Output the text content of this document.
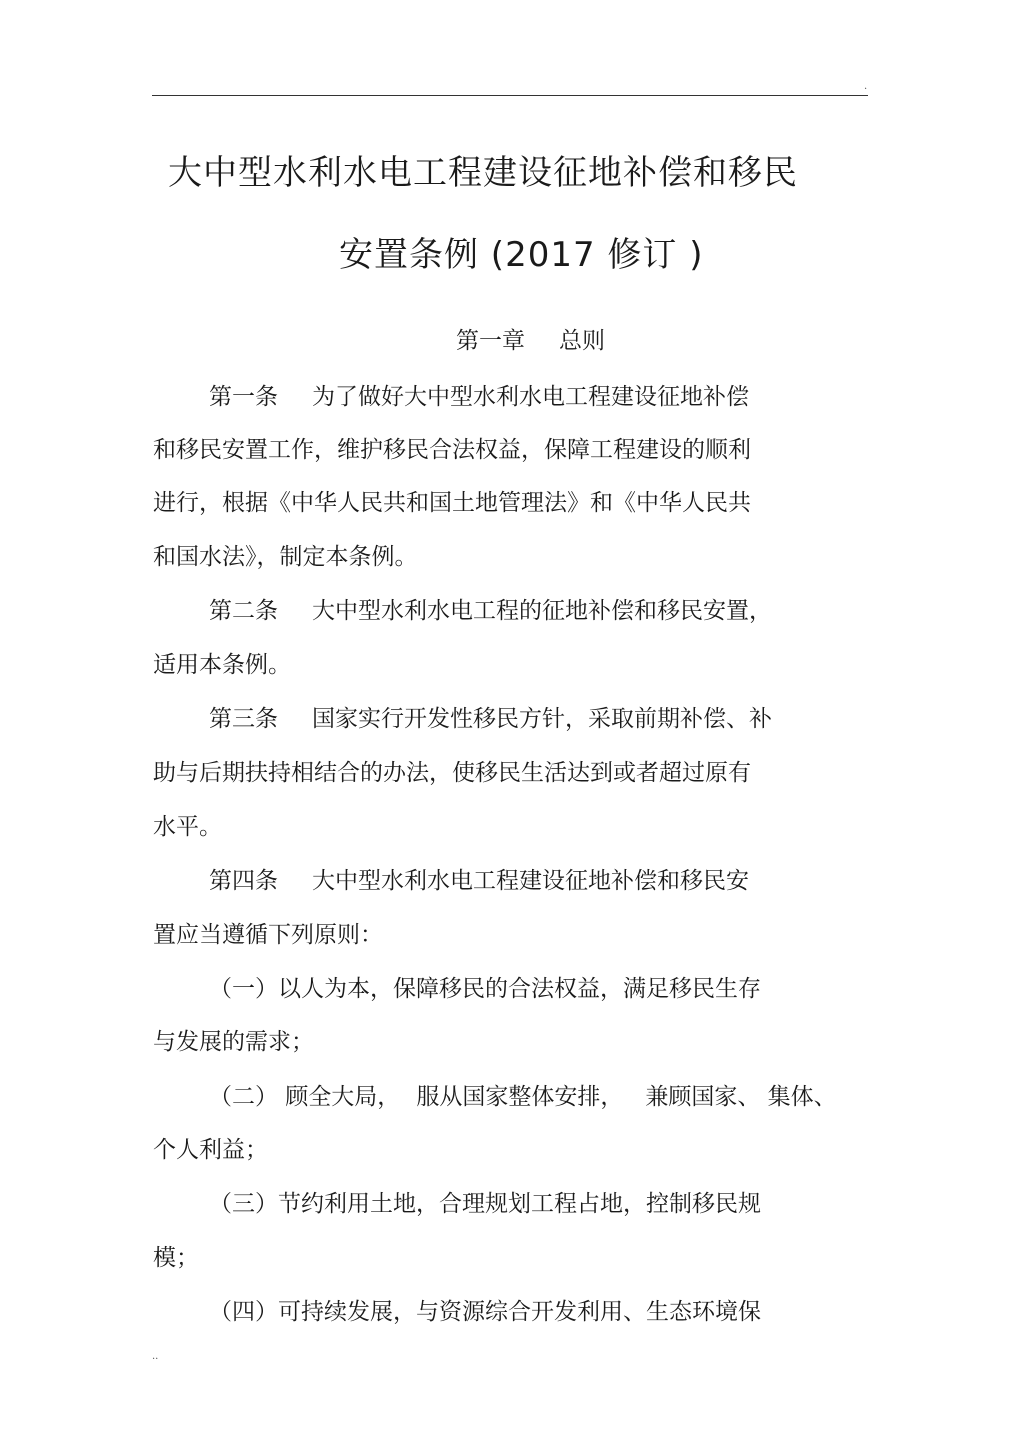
.
大中型水利水电工程建设征地补偿和移民
安置条例 (2017 修订 )
第一章 总则
第一条 为了做好大中型水利水电工程建设征地补偿
和移民安置工作，维护移民合法权益，保障工程建设的顺利
进行，根据《中华人民共和国土地管理法》和《中华人民共
和国水法》，制定本条例。
第二条 大中型水利水电工程的征地补偿和移民安置，
适用本条例。
第三条 国家实行开发性移民方针，采取前期补偿、补
助与后期扶持相结合的办法，使移民生活达到或者超过原有
水平。
第四条 大中型水利水电工程建设征地补偿和移民安
置应当遵循下列原则：
（一）以人为本，保障移民的合法权益，满足移民生存
与发展的需求；
（二） 顾全大局， 服从国家整体安排， 兼顾国家、 集体、
个人利益；
（三）节约利用土地，合理规划工程占地，控制移民规
模；
（四）可持续发展，与资源综合开发利用、生态环境保
..
